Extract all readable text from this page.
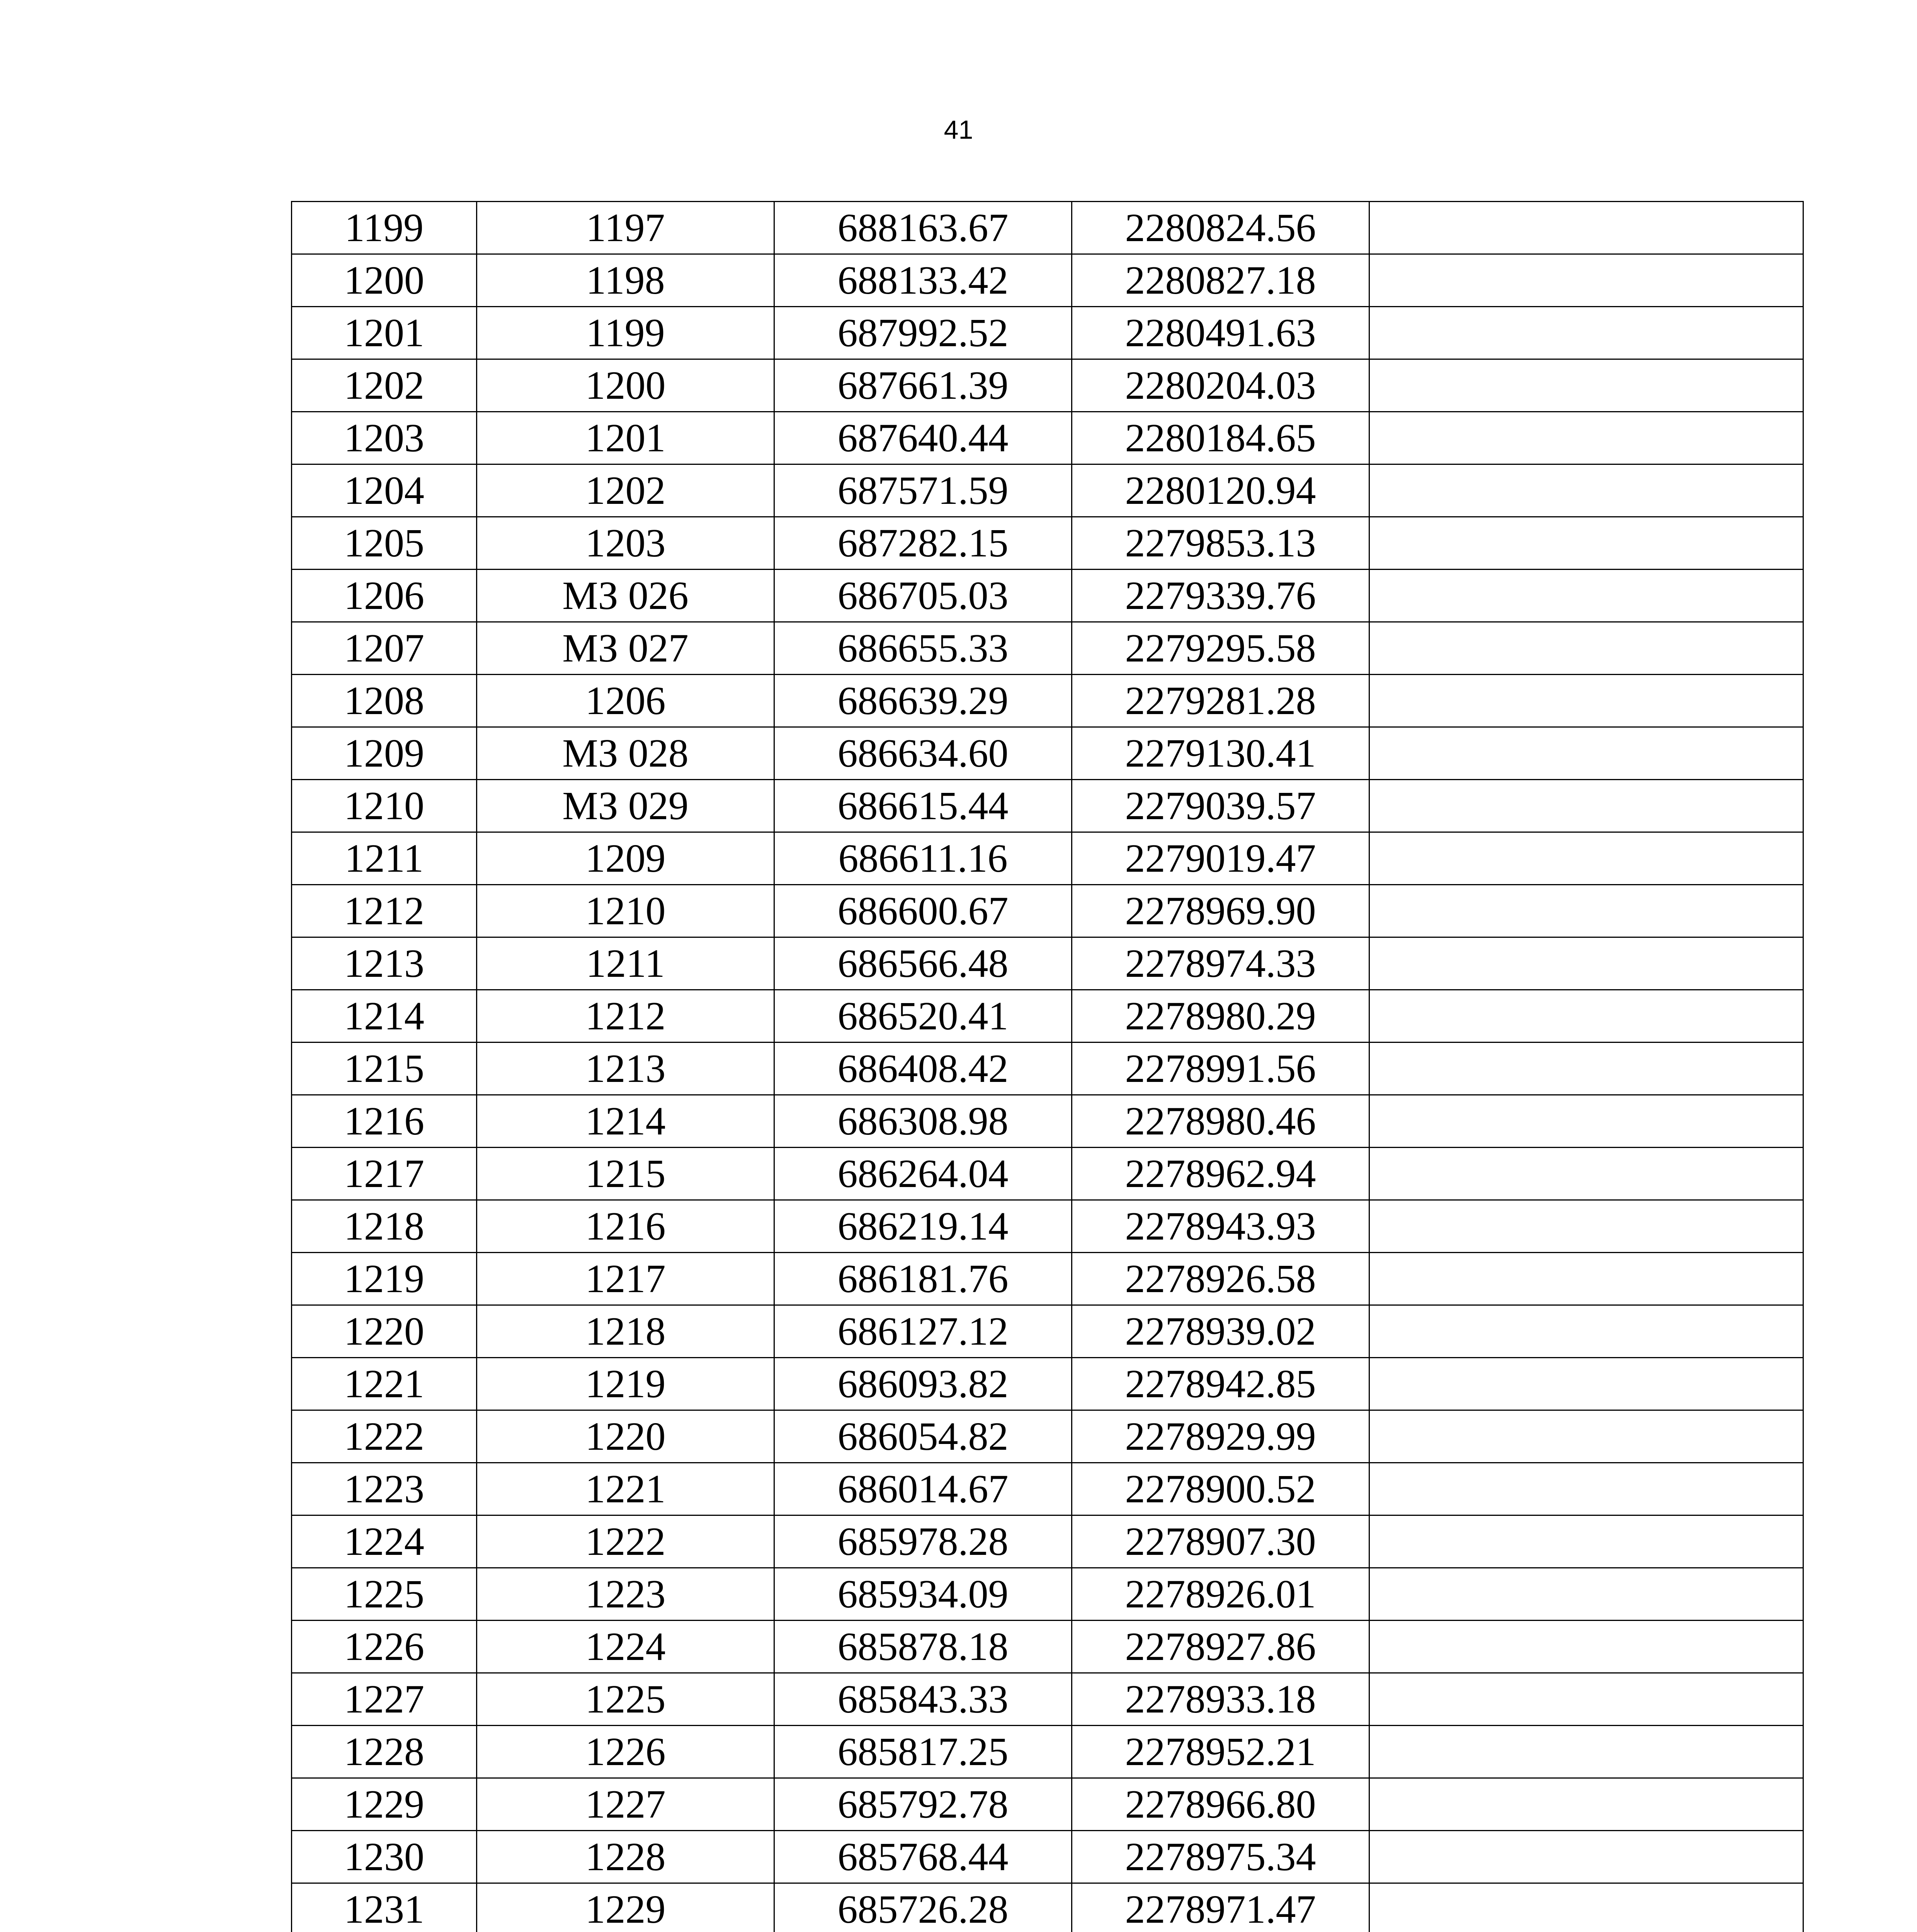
41
1199	1197	688163.67	2280824.56	
1200	1198	688133.42	2280827.18	
1201	1199	687992.52	2280491.63	
1202	1200	687661.39	2280204.03	
1203	1201	687640.44	2280184.65	
1204	1202	687571.59	2280120.94	
1205	1203	687282.15	2279853.13	
1206	МЗ 026	686705.03	2279339.76	
1207	МЗ 027	686655.33	2279295.58	
1208	1206	686639.29	2279281.28	
1209	МЗ 028	686634.60	2279130.41	
1210	МЗ 029	686615.44	2279039.57	
1211	1209	686611.16	2279019.47	
1212	1210	686600.67	2278969.90	
1213	1211	686566.48	2278974.33	
1214	1212	686520.41	2278980.29	
1215	1213	686408.42	2278991.56	
1216	1214	686308.98	2278980.46	
1217	1215	686264.04	2278962.94	
1218	1216	686219.14	2278943.93	
1219	1217	686181.76	2278926.58	
1220	1218	686127.12	2278939.02	
1221	1219	686093.82	2278942.85	
1222	1220	686054.82	2278929.99	
1223	1221	686014.67	2278900.52	
1224	1222	685978.28	2278907.30	
1225	1223	685934.09	2278926.01	
1226	1224	685878.18	2278927.86	
1227	1225	685843.33	2278933.18	
1228	1226	685817.25	2278952.21	
1229	1227	685792.78	2278966.80	
1230	1228	685768.44	2278975.34	
1231	1229	685726.28	2278971.47	
